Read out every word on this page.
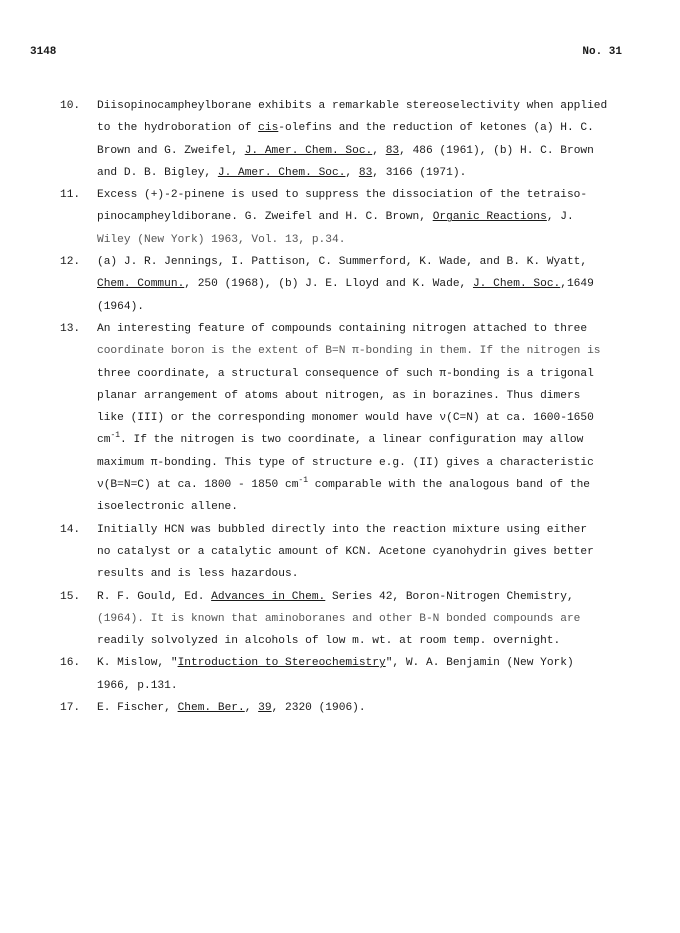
3148	No. 31
10. Diisopinocampheylborane exhibits a remarkable stereoselectivity when applied
to the hydroboration of cis-olefins and the reduction of ketones (a) H. C.
Brown and G. Zweifel, J. Amer. Chem. Soc., 83, 486 (1961), (b) H. C. Brown
and D. B. Bigley, J. Amer. Chem. Soc., 83, 3166 (1971).
11. Excess (+)-2-pinene is used to suppress the dissociation of the tetraiso-
pinocampheyldiborane. G. Zweifel and H. C. Brown, Organic Reactions, J.
Wiley (New York) 1963, Vol. 13, p.34.
12. (a) J. R. Jennings, I. Pattison, C. Summerford, K. Wade, and B. K. Wyatt,
Chem. Commun., 250 (1968), (b) J. E. Lloyd and K. Wade, J. Chem. Soc.,1649
(1964).
13. An interesting feature of compounds containing nitrogen attached to three
coordinate boron is the extent of B=N π-bonding in them. If the nitrogen is
three coordinate, a structural consequence of such π-bonding is a trigonal
planar arrangement of atoms about nitrogen, as in borazines. Thus dimers
like (III) or the corresponding monomer would have ν(C=N) at ca. 1600-1650
$cm^{-1}$. If the nitrogen is two coordinate, a linear configuration may allow
maximum π-bonding. This type of structure e.g. (II) gives a characteristic
ν(B=N=C) at ca. 1800 - 1850 $cm^{-1}$ comparable with the analogous band of the
isoelectronic allene.
14. Initially HCN was bubbled directly into the reaction mixture using either
no catalyst or a catalytic amount of KCN. Acetone cyanohydrin gives better
results and is less hazardous.
15. R. F. Gould, Ed. Advances in Chem. Series 42, Boron-Nitrogen Chemistry,
(1964). It is known that aminoboranes and other B-N bonded compounds are
readily solvolyzed in alcohols of low m. wt. at room temp. overnight.
16. K. Mislow, "Introduction to Stereochemistry", W. A. Benjamin (New York)
1966, p.131.
17. E. Fischer, Chem. Ber., 39, 2320 (1906).
